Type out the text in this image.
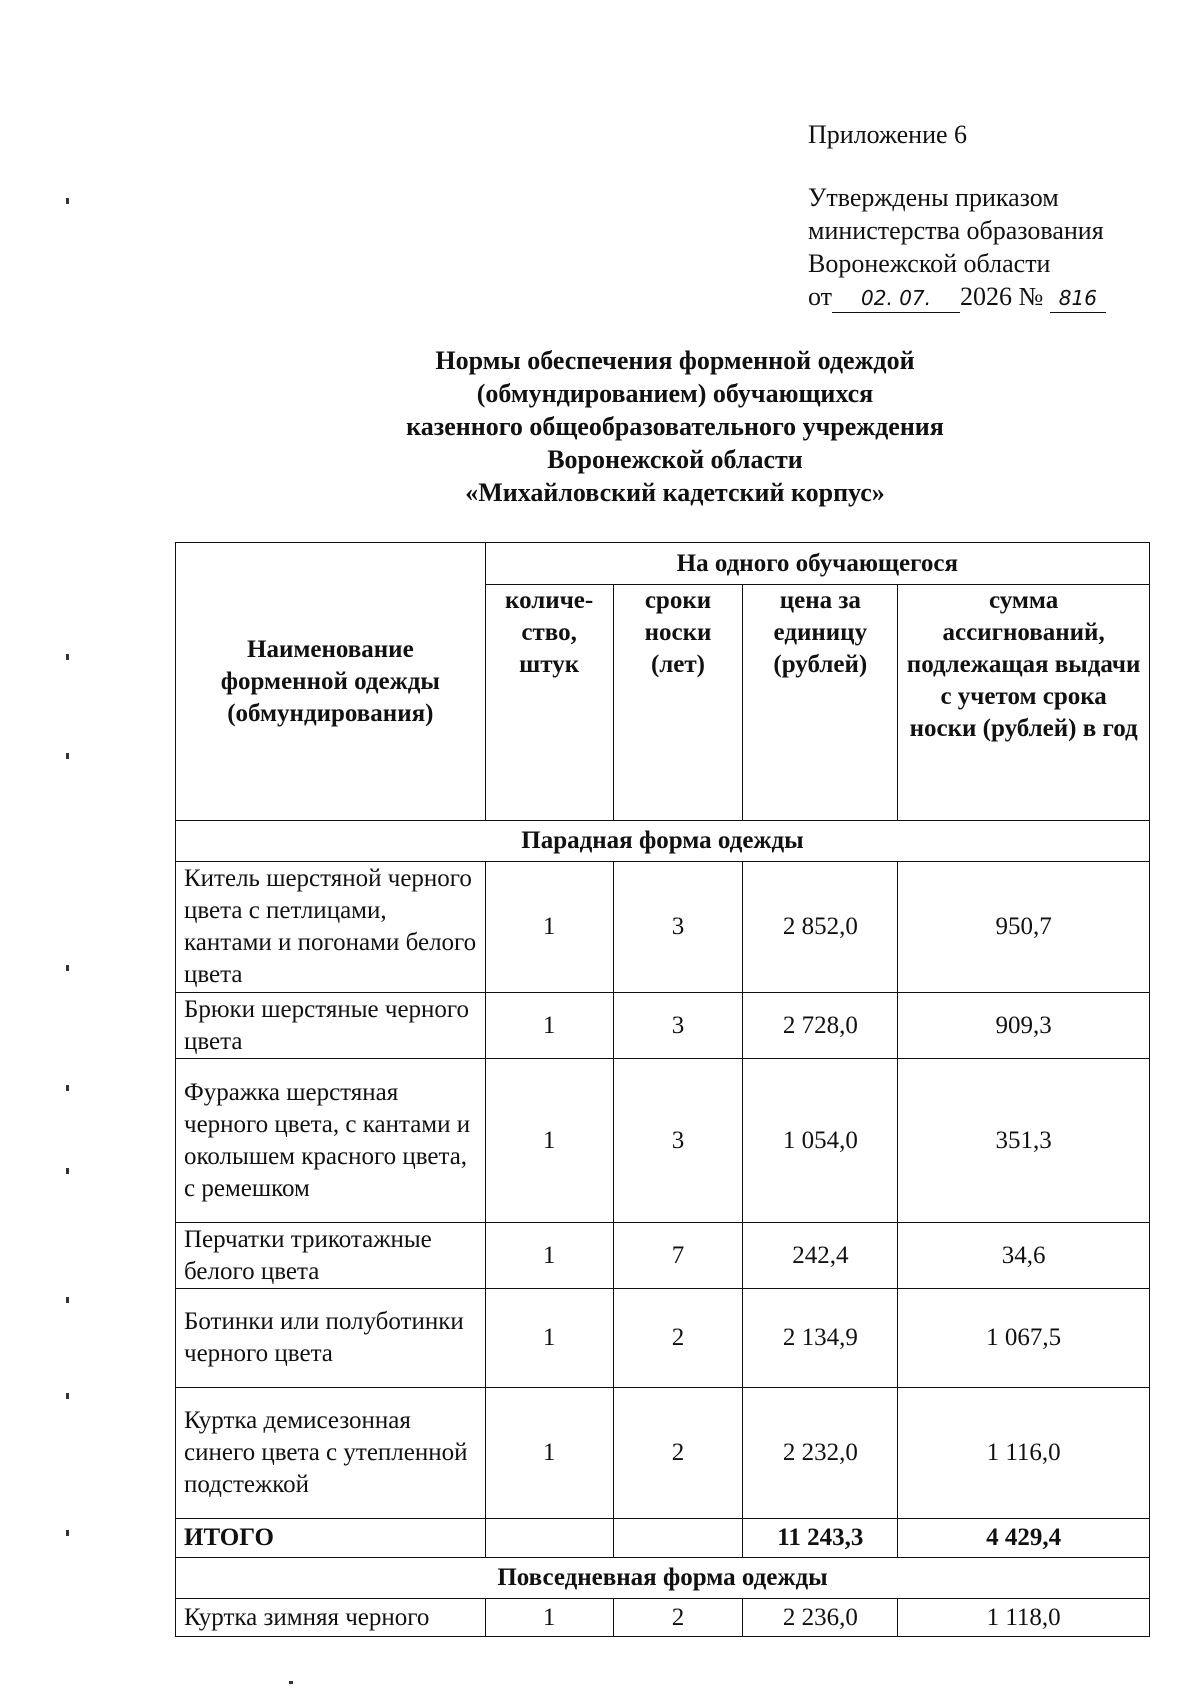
Приложение 6
Утверждены приказом
министерства образования
Воронежской области
от 02. 07. 2026 № 816
Нормы обеспечения форменной одеждой
(обмундированием) обучающихся
казенного общеобразовательного учреждения
Воронежской области
«Михайловский кадетский корпус»
Наименование форменной одежды (обмундирования)	На одного обучающегося			
	количе-ство, штук	сроки носки (лет)	цена за единицу (рублей)	сумма ассигнований, подлежащая выдачи с учетом срока носки (рублей) в год
Парадная форма одежды				
Китель шерстяной черного цвета с петлицами, кантами и погонами белого цвета	1	3	2 852,0	950,7
Брюки шерстяные черного цвета	1	3	2 728,0	909,3
Фуражка шерстяная черного цвета, с кантами и околышем красного цвета, с ремешком	1	3	1 054,0	351,3
Перчатки трикотажные белого цвета	1	7	242,4	34,6
Ботинки или полуботинки черного цвета	1	2	2 134,9	1 067,5
Куртка демисезонная синего цвета с утепленной подстежкой	1	2	2 232,0	1 116,0
ИТОГО			11 243,3	4 429,4
Повседневная форма одежды				
Куртка зимняя черного	1	2	2 236,0	1 118,0
